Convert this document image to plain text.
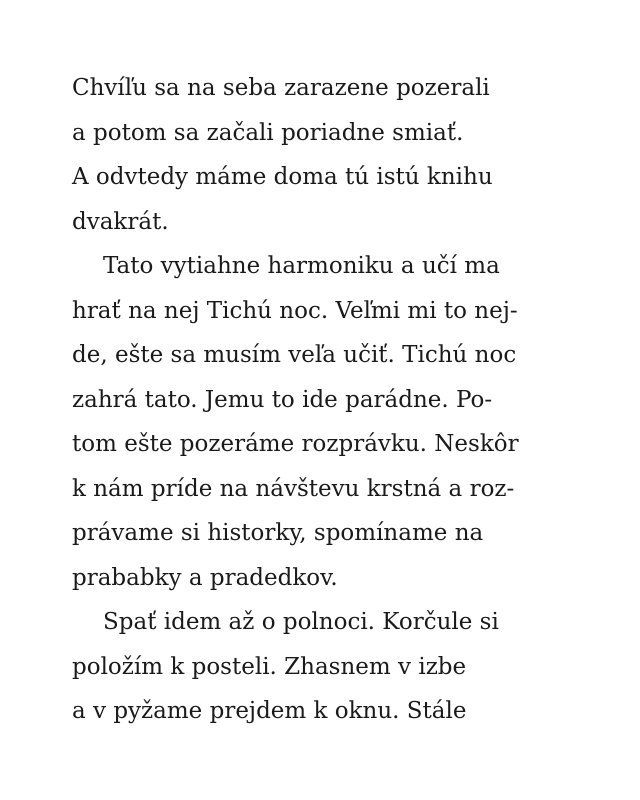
Chvíľu sa na seba zarazene pozerali
a potom sa začali poriadne smiať.
A odvtedy máme doma tú istú knihu
dvakrát.
Tato vytiahne harmoniku a učí ma
hrať na nej Tichú noc. Veľmi mi to nej-
de, ešte sa musím veľa učiť. Tichú noc
zahrá tato. Jemu to ide parádne. Po-
tom ešte pozeráme rozprávku. Neskôr
k nám príde na návštevu krstná a roz-
právame si historky, spomíname na
prababky a pradedkov.
Spať idem až o polnoci. Korčule si
položím k posteli. Zhasnem v izbe
a v pyžame prejdem k oknu. Stále
